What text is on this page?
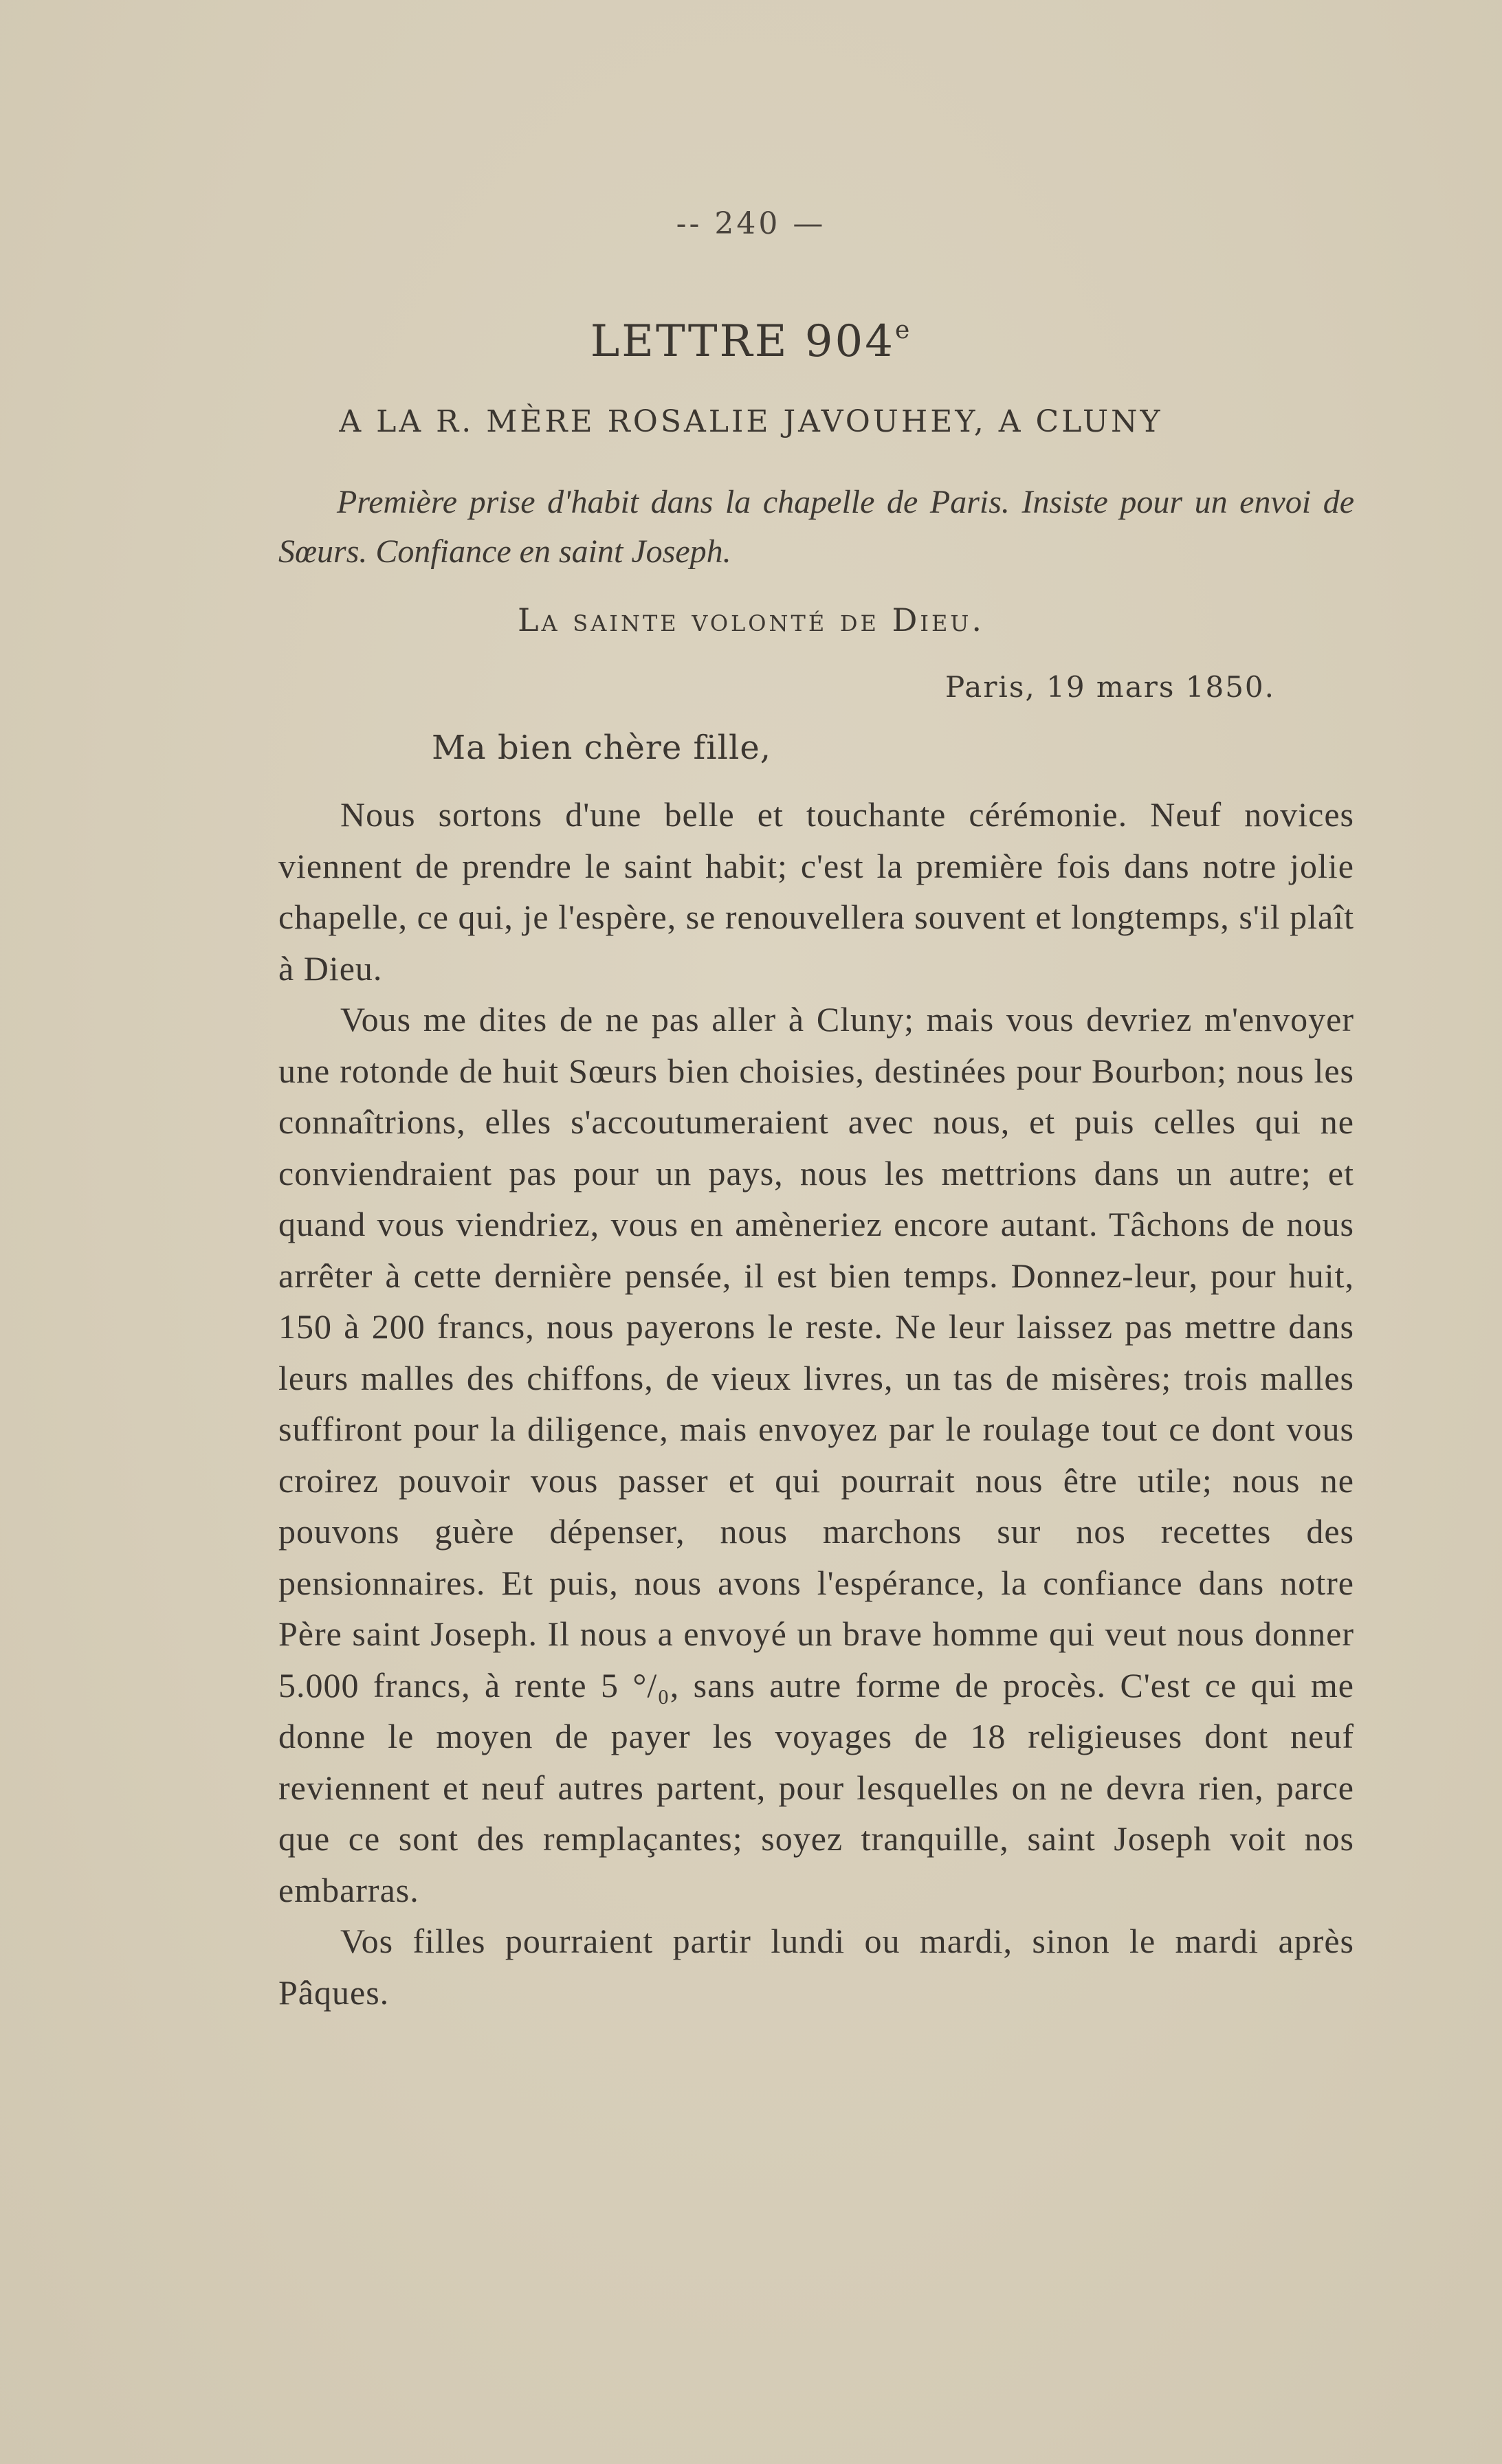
-- 240 —
LETTRE 904e
A LA R. MÈRE ROSALIE JAVOUHEY, A CLUNY
Première prise d'habit dans la chapelle de Paris. Insiste pour un envoi de Sœurs. Confiance en saint Joseph.
La sainte volonté de Dieu.
Paris, 19 mars 1850.
Ma bien chère fille,

Nous sortons d'une belle et touchante cérémonie. Neuf novices viennent de prendre le saint habit; c'est la première fois dans notre jolie chapelle, ce qui, je l'espère, se renouvellera souvent et longtemps, s'il plaît à Dieu.

Vous me dites de ne pas aller à Cluny; mais vous devriez m'envoyer une rotonde de huit Sœurs bien choisies, destinées pour Bourbon; nous les connaîtrions, elles s'accoutumeraient avec nous, et puis celles qui ne conviendraient pas pour un pays, nous les mettrions dans un autre; et quand vous viendriez, vous en amèneriez encore autant. Tâchons de nous arrêter à cette dernière pensée, il est bien temps. Donnez-leur, pour huit, 150 à 200 francs, nous payerons le reste. Ne leur laissez pas mettre dans leurs malles des chiffons, de vieux livres, un tas de misères; trois malles suffiront pour la diligence, mais envoyez par le roulage tout ce dont vous croirez pouvoir vous passer et qui pourrait nous être utile; nous ne pouvons guère dépenser, nous marchons sur nos recettes des pensionnaires. Et puis, nous avons l'espérance, la confiance dans notre Père saint Joseph. Il nous a envoyé un brave homme qui veut nous donner 5.000 francs, à rente 5 °/₀, sans autre forme de procès. C'est ce qui me donne le moyen de payer les voyages de 18 religieuses dont neuf reviennent et neuf autres partent, pour lesquelles on ne devra rien, parce que ce sont des remplaçantes; soyez tranquille, saint Joseph voit nos embarras.

Vos filles pourraient partir lundi ou mardi, sinon le mardi après Pâques.
